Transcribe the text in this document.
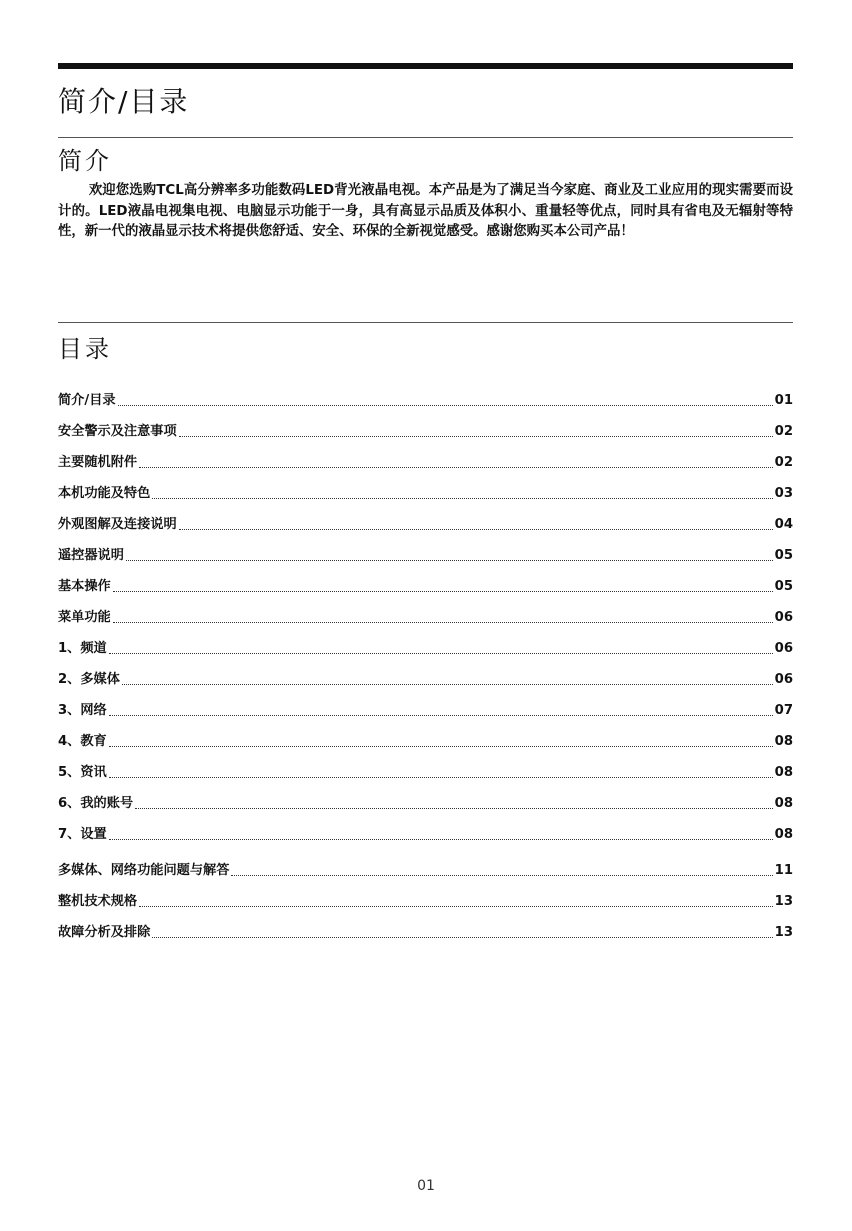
简介/目录
简介

欢迎您选购TCL高分辨率多功能数码LED背光液晶电视。本产品是为了满足当今家庭、商业及工业应用的现实需要而设计的。LED液晶电视集电视、电脑显示功能于一身，具有高显示品质及体积小、重量轻等优点，同时具有省电及无辐射等特性，新一代的液晶显示技术将提供您舒适、安全、环保的全新视觉感受。感谢您购买本公司产品！

目录
简介/目录	01
安全警示及注意事项	02
主要随机附件	02
本机功能及特色	03
外观图解及连接说明	04
遥控器说明	05
基本操作	05
菜单功能	06
1、频道	06
2、多媒体	06
3、网络	07
4、教育	08
5、资讯	08
6、我的账号	08
7、设置	08
多媒体、网络功能问题与解答	11
整机技术规格	13
故障分析及排除	13
01
